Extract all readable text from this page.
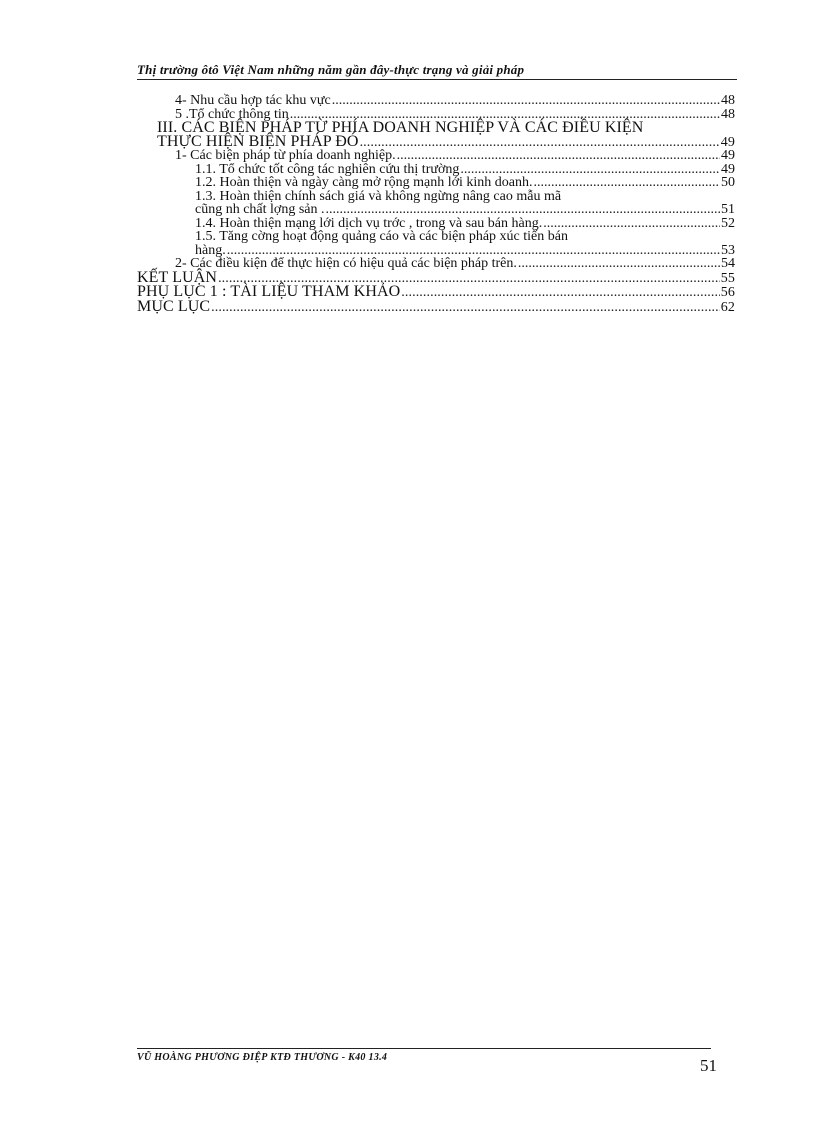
Thị trường ôtô Việt Nam những năm gần đây-thực trạng và giải pháp
4- Nhu cầu hợp tác khu vực .....	48
5 .Tổ chức thông tin .....	48
III. CÁC BIỆN PHÁP TỪ PHÍA DOANH NGHIỆP VÀ CÁC ĐIỀU KIỆN
THỰC HIỆN BIỆN PHÁP ĐÓ .....	49
1- Các biện pháp từ phía doanh nghiệp. .....	49
1.1. Tổ chức tốt công tác nghiên cứu thị trường .....	49
1.2. Hoàn thiện và ngày càng mở rộng mạnh lới kinh doanh. .....	50
1.3. Hoàn thiện chính sách giá và không ngừng nâng cao mẫu mã
cũng nh chất lợng sản . .....	51
1.4. Hoàn thiện mạng lới dịch vụ trớc , trong và sau bán hàng. .....	52
1.5. Tăng cờng hoạt động quảng cáo và các biện pháp xúc tiến bán
hàng. .....	53
2- Các điều kiện để thực hiện có hiệu quả các biện pháp trên. .....	54
KẾT LUẬN .....	55
PHỤ LỤC 1 : TÀI LIỆU THAM KHẢO .....	56
MỤC LỤC .....	62
VŨ HOÀNG PHƯƠNG ĐIỆP KTĐ THƯƠNG - K40 13.4	51
